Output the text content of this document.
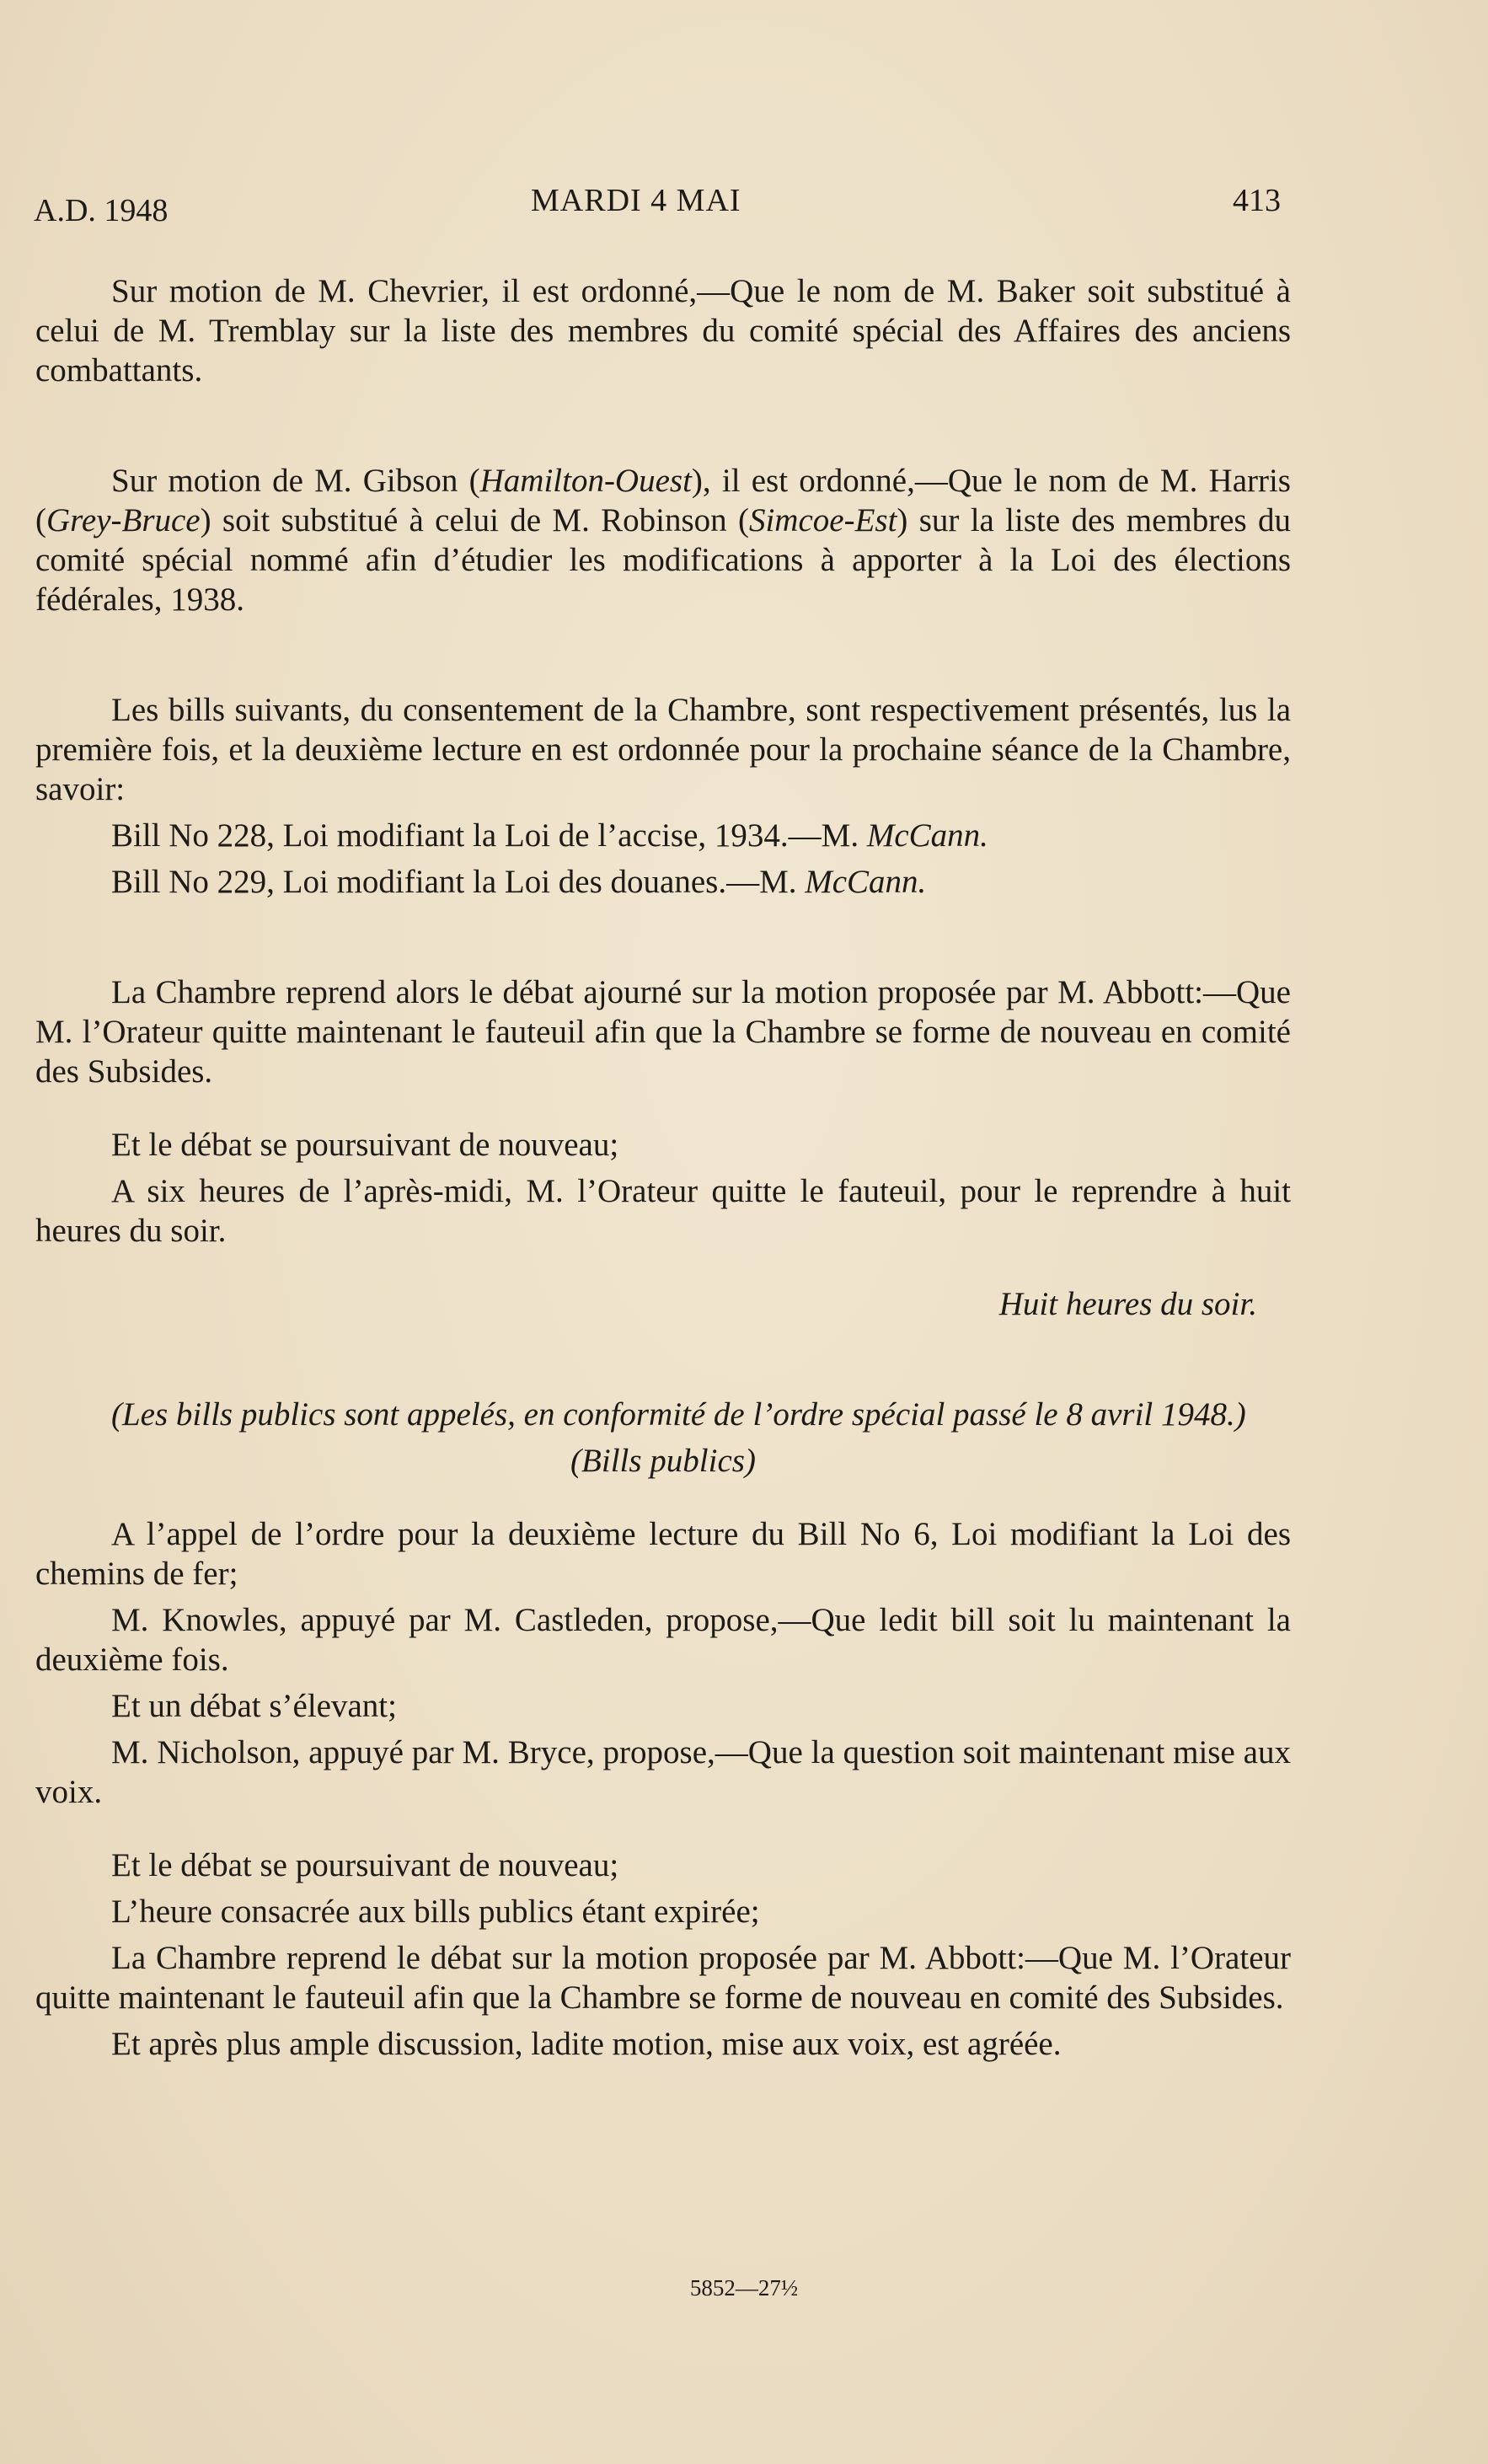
A.D. 1948	MARDI 4 MAI	413

Sur motion de M. Chevrier, il est ordonné,—Que le nom de M. Baker soit substitué à celui de M. Tremblay sur la liste des membres du comité spécial des Affaires des anciens combattants.

Sur motion de M. Gibson (Hamilton-Ouest), il est ordonné,—Que le nom de M. Harris (Grey-Bruce) soit substitué à celui de M. Robinson (Simcoe-Est) sur la liste des membres du comité spécial nommé afin d’étudier les modifications à apporter à la Loi des élections fédérales, 1938.

Les bills suivants, du consentement de la Chambre, sont respectivement présentés, lus la première fois, et la deuxième lecture en est ordonnée pour la prochaine séance de la Chambre, savoir:

Bill No 228, Loi modifiant la Loi de l’accise, 1934.—M. McCann.

Bill No 229, Loi modifiant la Loi des douanes.—M. McCann.

La Chambre reprend alors le débat ajourné sur la motion proposée par M. Abbott:—Que M. l’Orateur quitte maintenant le fauteuil afin que la Chambre se forme de nouveau en comité des Subsides.

Et le débat se poursuivant de nouveau;

A six heures de l’après-midi, M. l’Orateur quitte le fauteuil, pour le reprendre à huit heures du soir.

Huit heures du soir.

(Les bills publics sont appelés, en conformité de l’ordre spécial passé le 8 avril 1948.)

(Bills publics)

A l’appel de l’ordre pour la deuxième lecture du Bill No 6, Loi modifiant la Loi des chemins de fer;

M. Knowles, appuyé par M. Castleden, propose,—Que ledit bill soit lu maintenant la deuxième fois.

Et un débat s’élevant;

M. Nicholson, appuyé par M. Bryce, propose,—Que la question soit maintenant mise aux voix.

Et le débat se poursuivant de nouveau;

L’heure consacrée aux bills publics étant expirée;

La Chambre reprend le débat sur la motion proposée par M. Abbott:—Que M. l’Orateur quitte maintenant le fauteuil afin que la Chambre se forme de nouveau en comité des Subsides.

Et après plus ample discussion, ladite motion, mise aux voix, est agréée.

5852—27½
